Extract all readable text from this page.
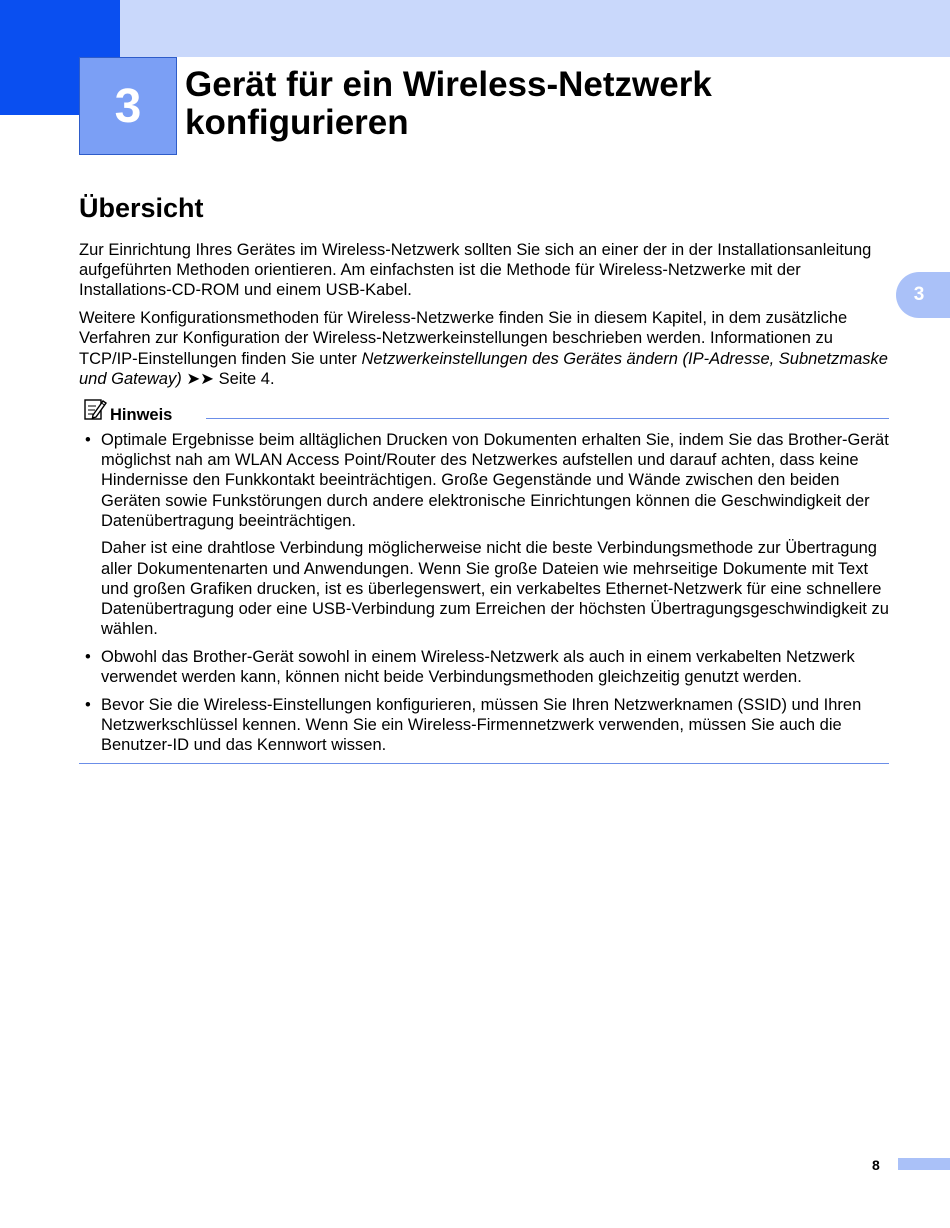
3 Gerät für ein Wireless-Netzwerk konfigurieren
3
Übersicht

Zur Einrichtung Ihres Gerätes im Wireless-Netzwerk sollten Sie sich an einer der in der Installationsanleitung aufgeführten Methoden orientieren. Am einfachsten ist die Methode für Wireless-Netzwerke mit der Installations-CD-ROM und einem USB-Kabel.

Weitere Konfigurationsmethoden für Wireless-Netzwerke finden Sie in diesem Kapitel, in dem zusätzliche Verfahren zur Konfiguration der Wireless-Netzwerkeinstellungen beschrieben werden. Informationen zu TCP/IP-Einstellungen finden Sie unter Netzwerkeinstellungen des Gerätes ändern (IP-Adresse, Subnetzmaske und Gateway) ➤➤ Seite 4.

Hinweis

• Optimale Ergebnisse beim alltäglichen Drucken von Dokumenten erhalten Sie, indem Sie das Brother-Gerät möglichst nah am WLAN Access Point/Router des Netzwerkes aufstellen und darauf achten, dass keine Hindernisse den Funkkontakt beeinträchtigen. Große Gegenstände und Wände zwischen den beiden Geräten sowie Funkstörungen durch andere elektronische Einrichtungen können die Geschwindigkeit der Datenübertragung beeinträchtigen.

Daher ist eine drahtlose Verbindung möglicherweise nicht die beste Verbindungsmethode zur Übertragung aller Dokumentenarten und Anwendungen. Wenn Sie große Dateien wie mehrseitige Dokumente mit Text und großen Grafiken drucken, ist es überlegenswert, ein verkabeltes Ethernet-Netzwerk für eine schnellere Datenübertragung oder eine USB-Verbindung zum Erreichen der höchsten Übertragungsgeschwindigkeit zu wählen.

• Obwohl das Brother-Gerät sowohl in einem Wireless-Netzwerk als auch in einem verkabelten Netzwerk verwendet werden kann, können nicht beide Verbindungsmethoden gleichzeitig genutzt werden.
• Bevor Sie die Wireless-Einstellungen konfigurieren, müssen Sie Ihren Netzwerknamen (SSID) und Ihren Netzwerkschlüssel kennen. Wenn Sie ein Wireless-Firmennetzwerk verwenden, müssen Sie auch die Benutzer-ID und das Kennwort wissen.
8
